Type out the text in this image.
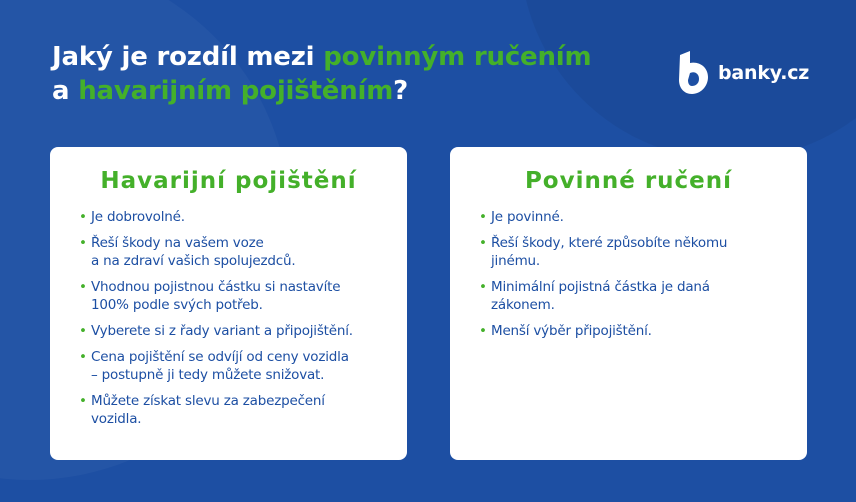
Jaký je rozdíl mezi povinným ručením
a havarijním pojištěním?
banky.cz
Havarijní pojištění
• Je dobrovolné.
• Řeší škody na vašem voze
a na zdraví vašich spolujezdců.
• Vhodnou pojistnou částku si nastavíte
100% podle svých potřeb.
• Vyberete si z řady variant a připojištění.
• Cena pojištění se odvíjí od ceny vozidla
– postupně ji tedy můžete snižovat.
• Můžete získat slevu za zabezpečení
vozidla.
Povinné ručení
• Je povinné.
• Řeší škody, které způsobíte někomu
jinému.
• Minimální pojistná částka je daná
zákonem.
• Menší výběr připojištění.
